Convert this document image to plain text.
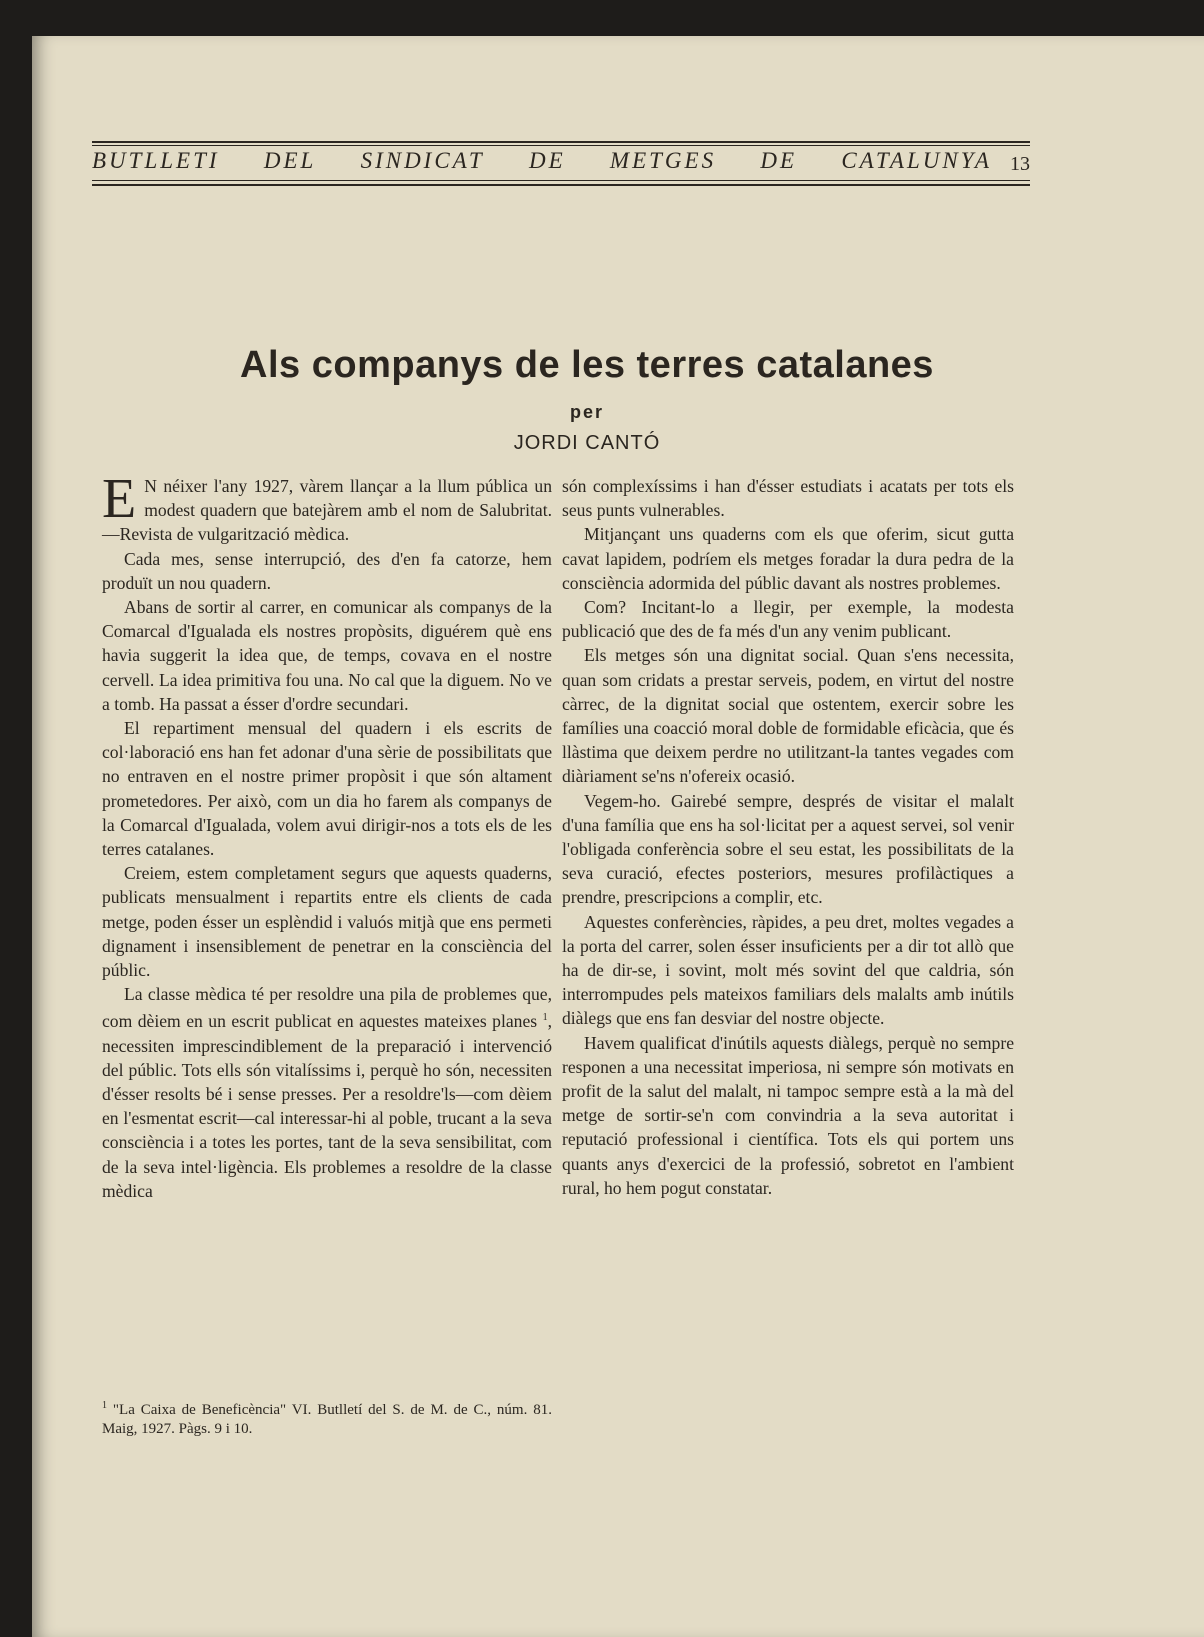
BUTLLETI DEL SINDICAT DE METGES DE CATALUNYA 13
Als companys de les terres catalanes
per
JORDI CANTÓ

E N néixer l'any 1927, vàrem llançar a la llum pública un modest quadern que batejàrem amb el nom de Salubritat.—Revista de vulgarització mèdica.

Cada mes, sense interrupció, des d'en fa catorze, hem produït un nou quadern.

Abans de sortir al carrer, en comunicar als companys de la Comarcal d'Igualada els nostres propòsits, diguérem què ens havia suggerit la idea que, de temps, covava en el nostre cervell. La idea primitiva fou una. No cal que la diguem. No ve a tomb. Ha passat a ésser d'ordre secundari.

El repartiment mensual del quadern i els escrits de col·laboració ens han fet adonar d'una sèrie de possibilitats que no entraven en el nostre primer propòsit i que són altament prometedores. Per això, com un dia ho farem als companys de la Comarcal d'Igualada, volem avui dirigir-nos a tots els de les terres catalanes.

Creiem, estem completament segurs que aquests quaderns, publicats mensualment i repartits entre els clients de cada metge, poden ésser un esplèndid i valuós mitjà que ens permeti dignament i insensiblement de penetrar en la consciència del públic.

La classe mèdica té per resoldre una pila de problemes que, com dèiem en un escrit publicat en aquestes mateixes planes $^1$, necessiten imprescindiblement de la preparació i intervenció del públic. Tots ells són vitalíssims i, perquè ho són, necessiten d'ésser resolts bé i sense presses. Per a resoldre'ls—com dèiem en l'esmentat escrit—cal interessar-hi al poble, trucant a la seva consciència i a totes les portes, tant de la seva sensibilitat, com de la seva intel·ligència. Els problemes a resoldre de la classe mèdica

$^1$ "La Caixa de Beneficència" VI. Butlletí del S. de M. de C., núm. 81. Maig, 1927. Pàgs. 9 i 10.

són complexíssims i han d'ésser estudiats i acatats per tots els seus punts vulnerables.

Mitjançant uns quaderns com els que oferim, sicut gutta cavat lapidem, podríem els metges foradar la dura pedra de la consciència adormida del públic davant als nostres problemes.

Com? Incitant-lo a llegir, per exemple, la modesta publicació que des de fa més d'un any venim publicant.

Els metges són una dignitat social. Quan s'ens necessita, quan som cridats a prestar serveis, podem, en virtut del nostre càrrec, de la dignitat social que ostentem, exercir sobre les famílies una coacció moral doble de formidable eficàcia, que és llàstima que deixem perdre no utilitzant-la tantes vegades com diàriament se'ns n'ofereix ocasió.

Vegem-ho. Gairebé sempre, després de visitar el malalt d'una família que ens ha sol·licitat per a aquest servei, sol venir l'obligada conferència sobre el seu estat, les possibilitats de la seva curació, efectes posteriors, mesures profilàctiques a prendre, prescripcions a complir, etc.

Aquestes conferències, ràpides, a peu dret, moltes vegades a la porta del carrer, solen ésser insuficients per a dir tot allò que ha de dir-se, i sovint, molt més sovint del que caldria, són interrompudes pels mateixos familiars dels malalts amb inútils diàlegs que ens fan desviar del nostre objecte.

Havem qualificat d'inútils aquests diàlegs, perquè no sempre responen a una necessitat imperiosa, ni sempre són motivats en profit de la salut del malalt, ni tampoc sempre està a la mà del metge de sortir-se'n com convindria a la seva autoritat i reputació professional i científica. Tots els qui portem uns quants anys d'exercici de la professió, sobretot en l'ambient rural, ho hem pogut constatar.
